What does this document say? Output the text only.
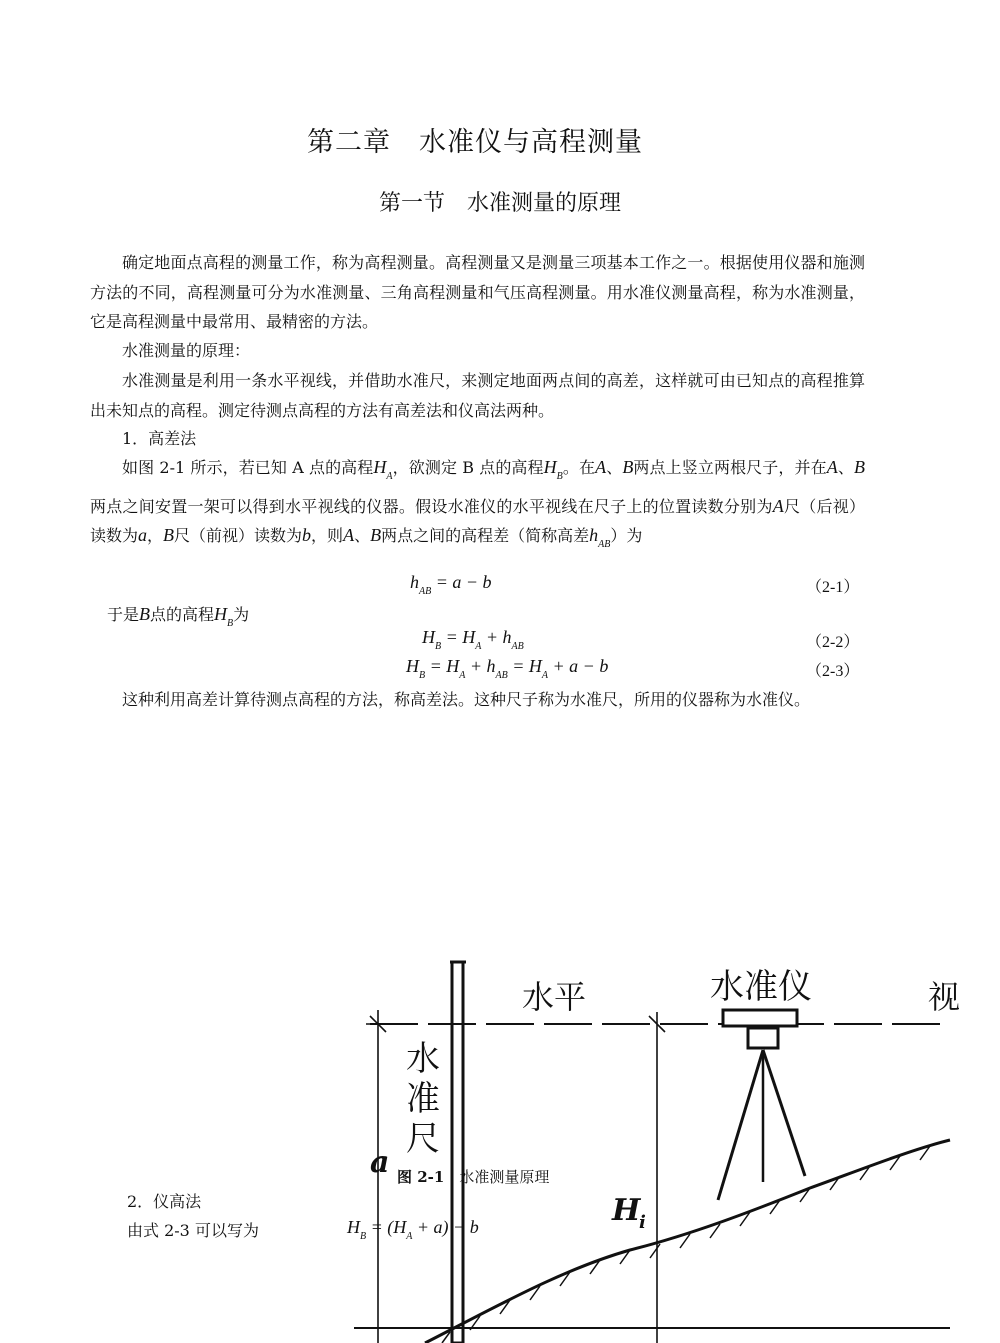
第二章　水准仪与高程测量
第一节　水准测量的原理
确定地面点高程的测量工作，称为高程测量。高程测量又是测量三项基本工作之一。根据使用仪器和施测方法的不同，高程测量可分为水准测量、三角高程测量和气压高程测量。用水准仪测量高程，称为水准测量，它是高程测量中最常用、最精密的方法。
水准测量的原理：
水准测量是利用一条水平视线，并借助水准尺，来测定地面两点间的高差，这样就可由已知点的高程推算出未知点的高程。测定待测点高程的方法有高差法和仪高法两种。
1．高差法
如图 2-1 所示，若已知 A 点的高程$H_A$，欲测定 B 点的高程$H_B$。在A、B两点上竖立两根尺子，并在A、B两点之间安置一架可以得到水平视线的仪器。假设水准仪的水平视线在尺子上的位置读数分别为A尺（后视）读数为a，B尺（前视）读数为b，则A、B两点之间的高程差（简称高差$h_{AB}$）为
$h_{AB} = a - b$	（2-1）
于是B点的高程$H_B$为
$H_B = H_A + h_{AB}$	（2-2）
$H_B = H_A + h_{AB} = H_A + a - b$	（2-3）
这种利用高差计算待测点高程的方法，称高差法。这种尺子称为水准尺，所用的仪器称为水准仪。
水平	水准仪	视
水
准
尺
a
H
i
图 2-1　 水准测量原理
2．仪高法
由式 2-3 可以写为	$H_B = (H_A + a) - b$
